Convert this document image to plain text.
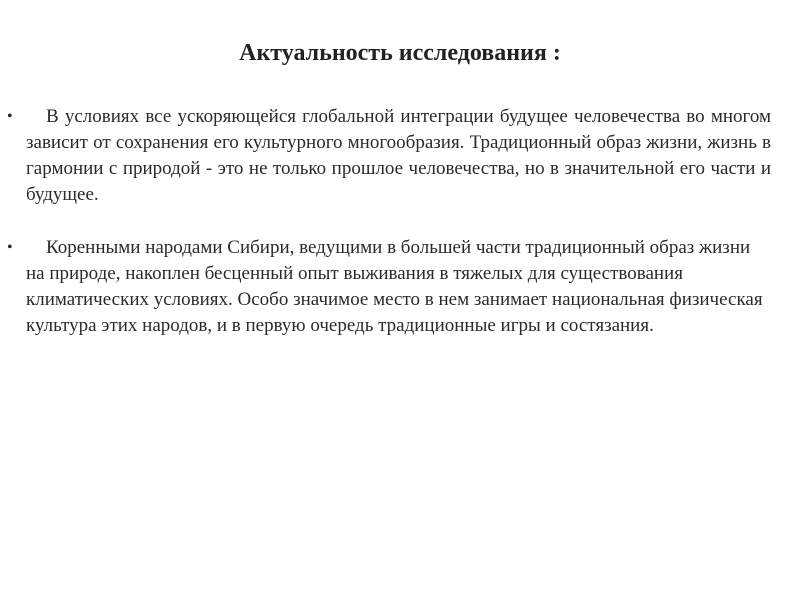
Актуальность исследования :
• В условиях все ускоряющейся глобальной интеграции будущее человечества во многом зависит от сохранения его культурного многообразия. Традиционный образ жизни, жизнь в гармонии с природой - это не только прошлое человечества, но в значительной его части и будущее.
• Коренными народами Сибири, ведущими в большей части традиционный образ жизни на природе, накоплен бесценный опыт выживания в тяжелых для существования климатических условиях. Особо значимое место в нем занимает национальная физическая культура этих народов, и в первую очередь традиционные игры и состязания.
